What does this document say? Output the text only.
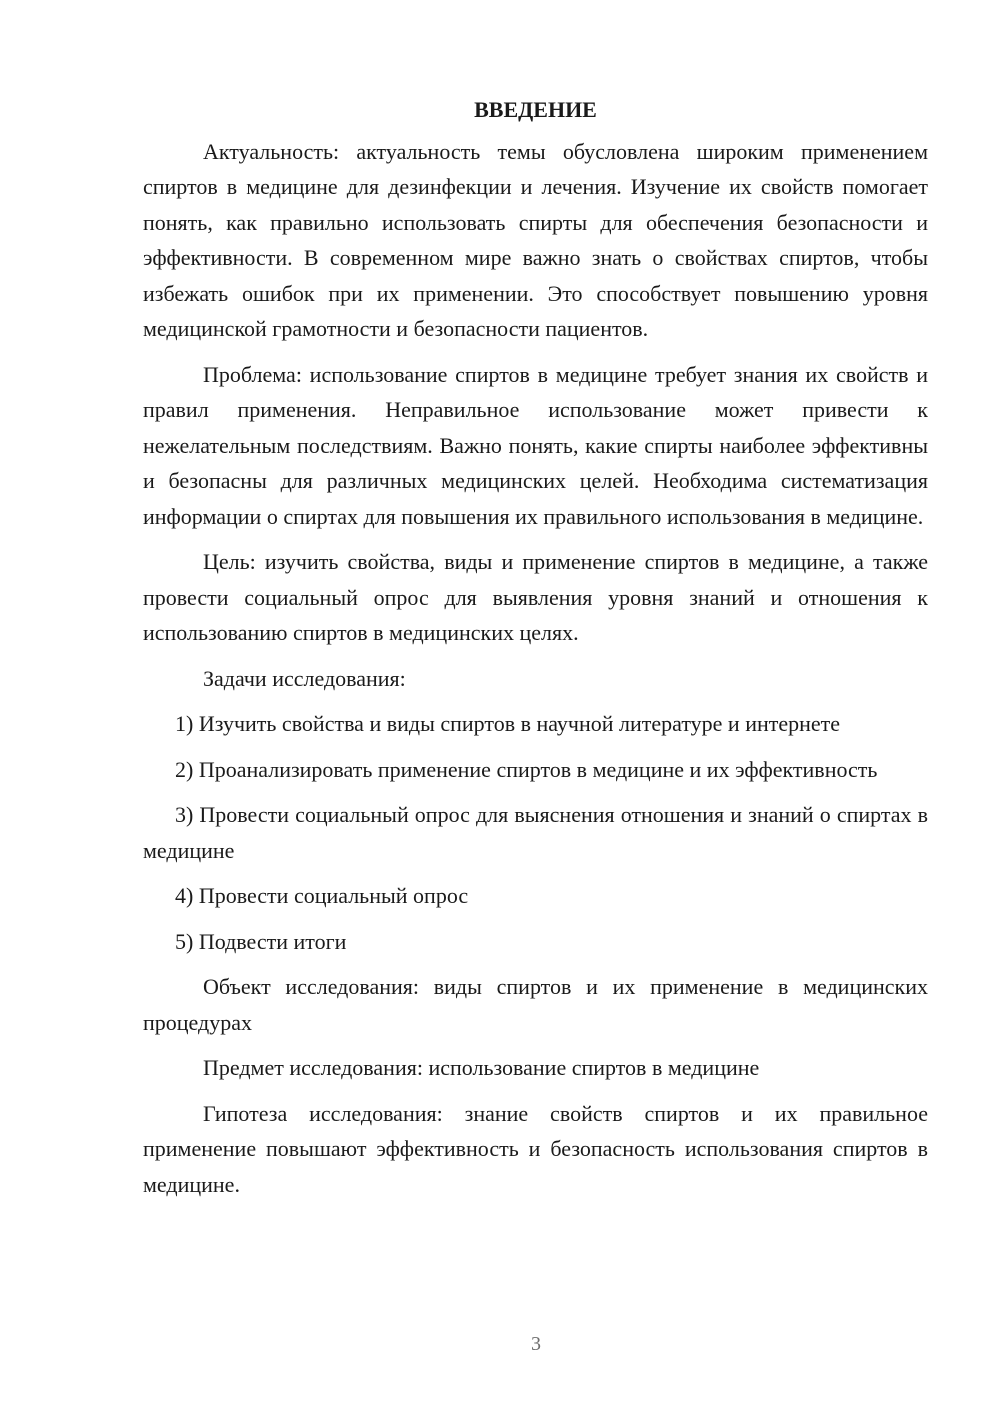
ВВЕДЕНИЕ

Актуальность: актуальность темы обусловлена широким применением спиртов в медицине для дезинфекции и лечения. Изучение их свойств помогает понять, как правильно использовать спирты для обеспечения безопасности и эффективности. В современном мире важно знать о свойствах спиртов, чтобы избежать ошибок при их применении. Это способствует повышению уровня медицинской грамотности и безопасности пациентов.

Проблема: использование спиртов в медицине требует знания их свойств и правил применения. Неправильное использование может привести к нежелательным последствиям. Важно понять, какие спирты наиболее эффективны и безопасны для различных медицинских целей. Необходима систематизация информации о спиртах для повышения их правильного использования в медицине.

Цель: изучить свойства, виды и применение спиртов в медицине, а также провести социальный опрос для выявления уровня знаний и отношения к использованию спиртов в медицинских целях.

Задачи исследования:

1) Изучить свойства и виды спиртов в научной литературе и интернете

2) Проанализировать применение спиртов в медицине и их эффективность

3) Провести социальный опрос для выяснения отношения и знаний о спиртах в медицине

4) Провести социальный опрос

5) Подвести итоги

Объект исследования: виды спиртов и их применение в медицинских процедурах

Предмет исследования: использование спиртов в медицине

Гипотеза исследования: знание свойств спиртов и их правильное применение повышают эффективность и безопасность использования спиртов в медицине.

3
